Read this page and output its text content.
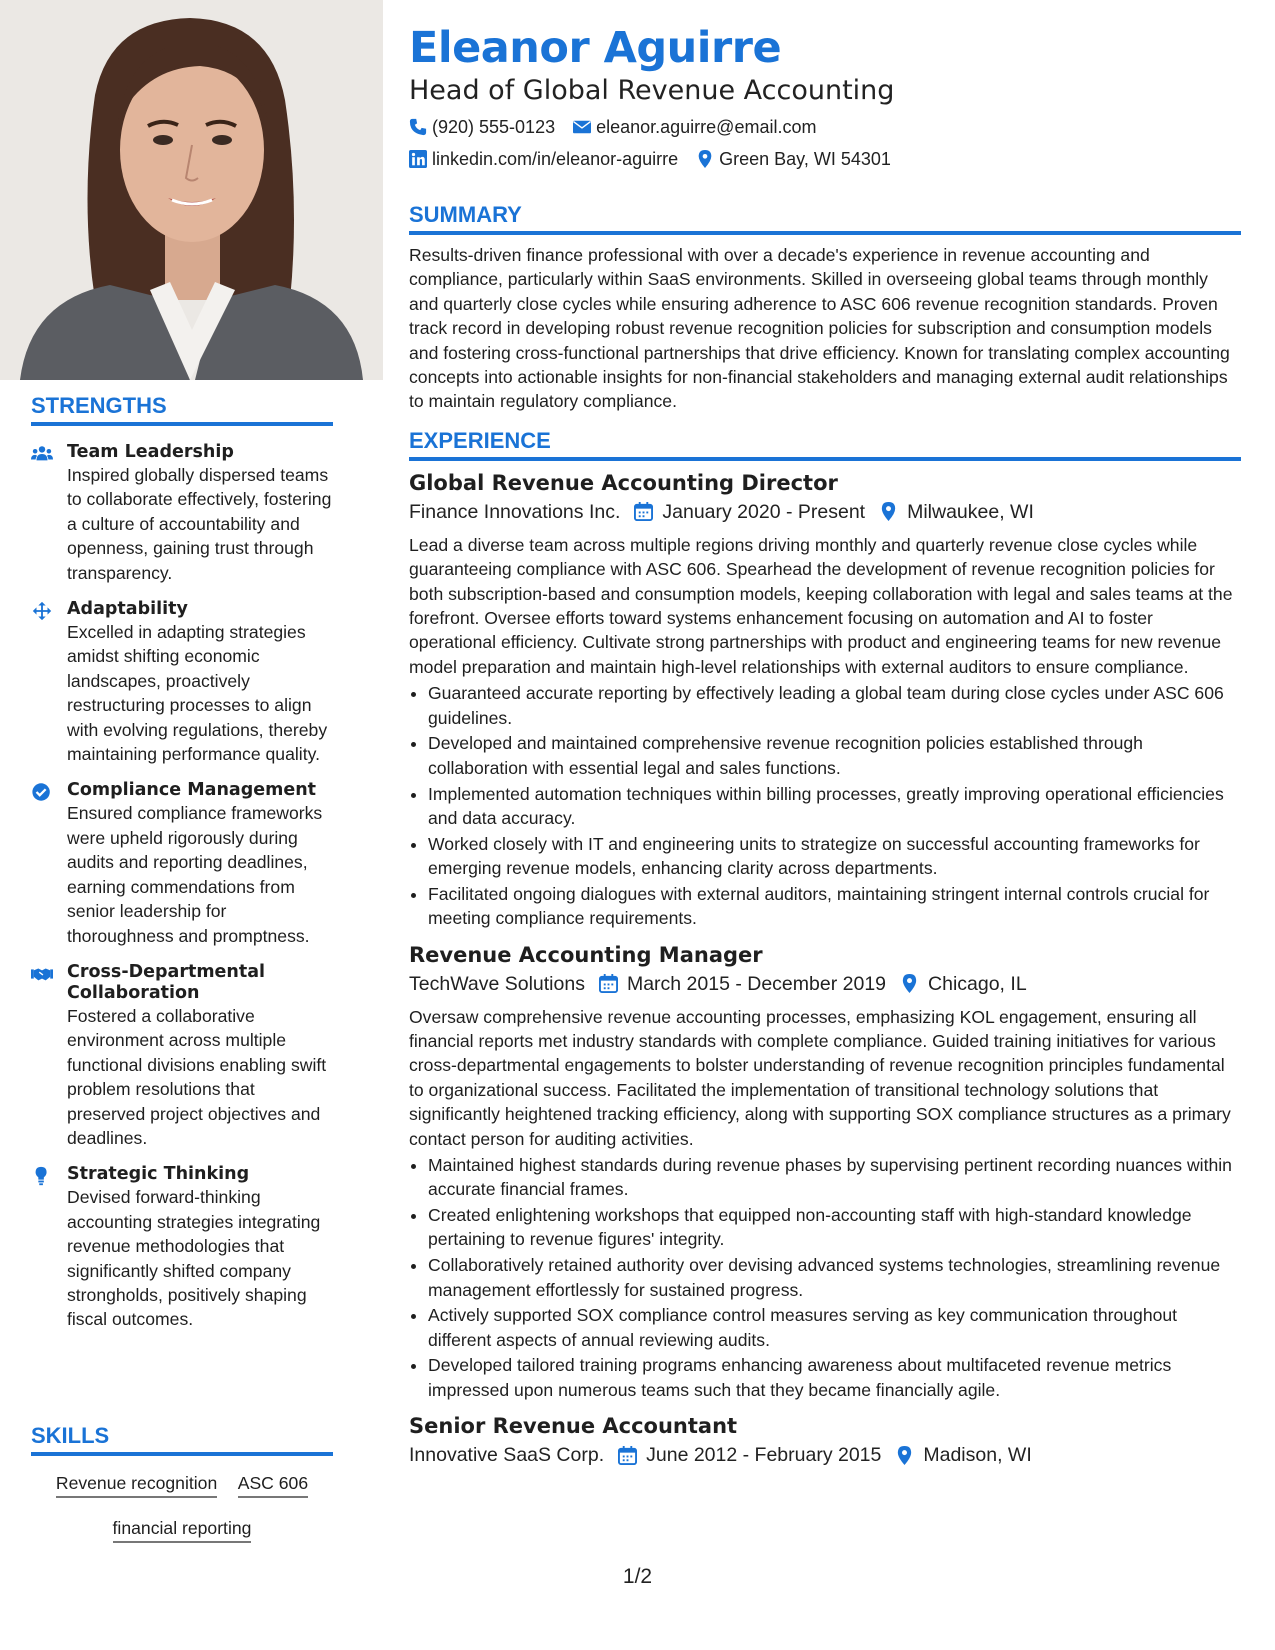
STRENGTHS
Team Leadership
Inspired globally dispersed teams to collaborate effectively, fostering a culture of accountability and openness, gaining trust through transparency.
Adaptability
Excelled in adapting strategies amidst shifting economic landscapes, proactively restructuring processes to align with evolving regulations, thereby maintaining performance quality.
Compliance Management
Ensured compliance frameworks were upheld rigorously during audits and reporting deadlines, earning commendations from senior leadership for thoroughness and promptness.
Cross-Departmental Collaboration
Fostered a collaborative environment across multiple functional divisions enabling swift problem resolutions that preserved project objectives and deadlines.
Strategic Thinking
Devised forward-thinking accounting strategies integrating revenue methodologies that significantly shifted company strongholds, positively shaping fiscal outcomes.
SKILLS
Revenue recognition ASC 606
financial reporting
Eleanor Aguirre
Head of Global Revenue Accounting
(920) 555-0123 eleanor.aguirre@email.com
linkedin.com/in/eleanor-aguirre Green Bay, WI 54301
SUMMARY
Results-driven finance professional with over a decade's experience in revenue accounting and compliance, particularly within SaaS environments. Skilled in overseeing global teams through monthly and quarterly close cycles while ensuring adherence to ASC 606 revenue recognition standards. Proven track record in developing robust revenue recognition policies for subscription and consumption models and fostering cross-functional partnerships that drive efficiency. Known for translating complex accounting concepts into actionable insights for non-financial stakeholders and managing external audit relationships to maintain regulatory compliance.
EXPERIENCE
Global Revenue Accounting Director
Finance Innovations Inc. January 2020 - Present Milwaukee, WI
Lead a diverse team across multiple regions driving monthly and quarterly revenue close cycles while guaranteeing compliance with ASC 606. Spearhead the development of revenue recognition policies for both subscription-based and consumption models, keeping collaboration with legal and sales teams at the forefront. Oversee efforts toward systems enhancement focusing on automation and AI to foster operational efficiency. Cultivate strong partnerships with product and engineering teams for new revenue model preparation and maintain high-level relationships with external auditors to ensure compliance.
• Guaranteed accurate reporting by effectively leading a global team during close cycles under ASC 606 guidelines.
• Developed and maintained comprehensive revenue recognition policies established through collaboration with essential legal and sales functions.
• Implemented automation techniques within billing processes, greatly improving operational efficiencies and data accuracy.
• Worked closely with IT and engineering units to strategize on successful accounting frameworks for emerging revenue models, enhancing clarity across departments.
• Facilitated ongoing dialogues with external auditors, maintaining stringent internal controls crucial for meeting compliance requirements.
Revenue Accounting Manager
TechWave Solutions March 2015 - December 2019 Chicago, IL
Oversaw comprehensive revenue accounting processes, emphasizing KOL engagement, ensuring all financial reports met industry standards with complete compliance. Guided training initiatives for various cross-departmental engagements to bolster understanding of revenue recognition principles fundamental to organizational success. Facilitated the implementation of transitional technology solutions that significantly heightened tracking efficiency, along with supporting SOX compliance structures as a primary contact person for auditing activities.
• Maintained highest standards during revenue phases by supervising pertinent recording nuances within accurate financial frames.
• Created enlightening workshops that equipped non-accounting staff with high-standard knowledge pertaining to revenue figures' integrity.
• Collaboratively retained authority over devising advanced systems technologies, streamlining revenue management effortlessly for sustained progress.
• Actively supported SOX compliance control measures serving as key communication throughout different aspects of annual reviewing audits.
• Developed tailored training programs enhancing awareness about multifaceted revenue metrics impressed upon numerous teams such that they became financially agile.
Senior Revenue Accountant
Innovative SaaS Corp. June 2012 - February 2015 Madison, WI
1/2
